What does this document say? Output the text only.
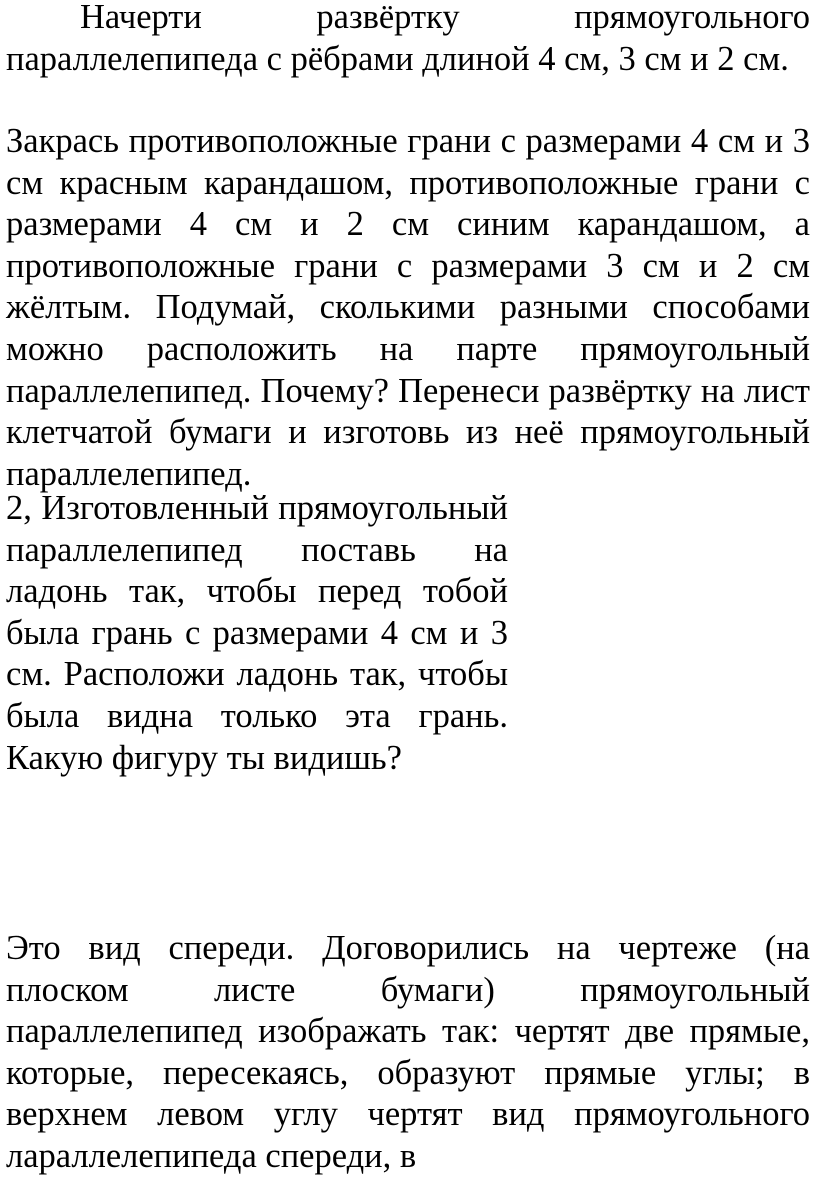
Начерти развёртку прямоугольного параллелепипеда с рёбрами длиной 4 см, 3 см и 2 см.

Закрась противоположные грани с размерами 4 см и 3 см красным карандашом, противоположные грани с размерами 4 см и 2 см синим карандашом, а противоположные грани с размерами 3 см и 2 см жёлтым. Подумай, сколькими разными способами можно расположить на парте прямоугольный параллелепипед. Почему? Перенеси развёртку на лист клетчатой бумаги и изготовь из неё прямоугольный параллелепипед.

2, Изготовленный прямоугольный параллелепипед поставь на ладонь так, чтобы перед тобой была грань с размерами 4 см и 3 см. Расположи ладонь так, чтобы была видна только эта грань. Какую фигуру ты видишь?

Это вид спереди. Договорились на чертеже (на плоском листе бумаги) прямоугольный параллелепипед изображать так: чертят две прямые, которые, пересекаясь, образуют прямые углы; в верхнем левом углу чертят вид прямоугольного лараллелепипеда спереди, в
